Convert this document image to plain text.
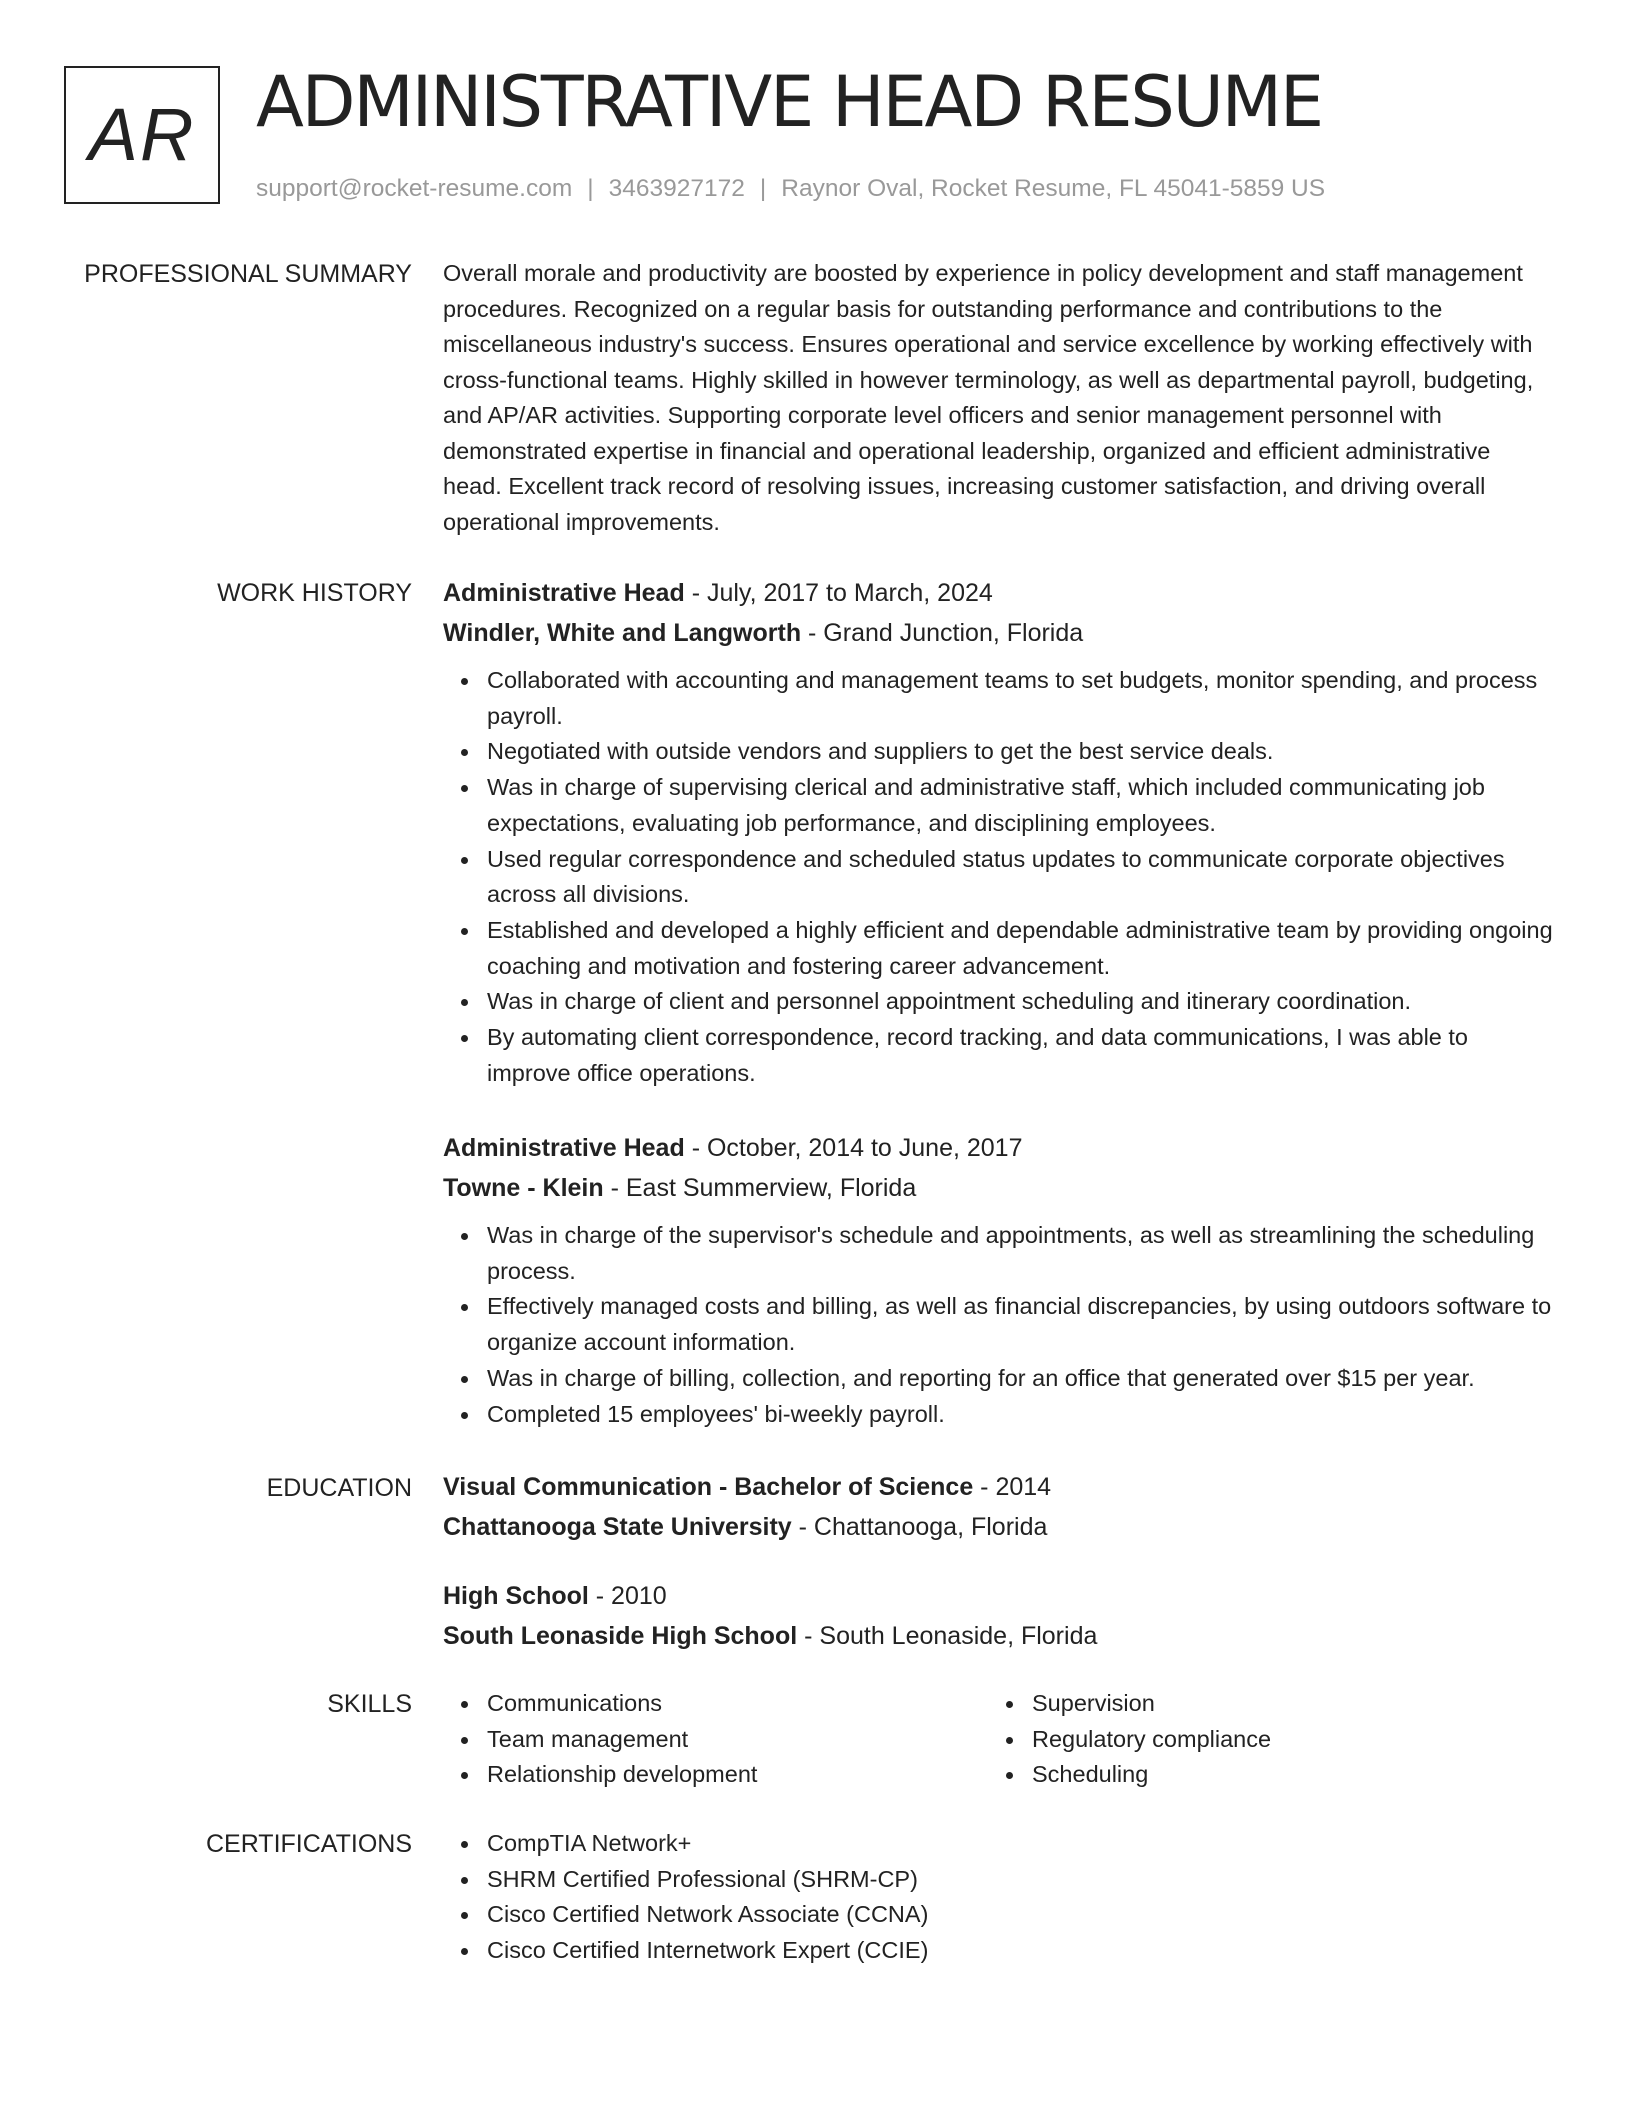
AR ADMINISTRATIVE HEAD RESUME
support@rocket-resume.com | 3463927172 | Raynor Oval, Rocket Resume, FL 45041-5859 US
PROFESSIONAL SUMMARY Overall morale and productivity are boosted by experience in policy development and staff management procedures. Recognized on a regular basis for outstanding performance and contributions to the miscellaneous industry's success. Ensures operational and service excellence by working effectively with cross-functional teams. Highly skilled in however terminology, as well as departmental payroll, budgeting, and AP/AR activities. Supporting corporate level officers and senior management personnel with demonstrated expertise in financial and operational leadership, organized and efficient administrative head. Excellent track record of resolving issues, increasing customer satisfaction, and driving overall operational improvements.

WORK HISTORY Administrative Head - July, 2017 to March, 2024
Windler, White and Langworth - Grand Junction, Florida
Collaborated with accounting and management teams to set budgets, monitor spending, and process payroll.
Negotiated with outside vendors and suppliers to get the best service deals.
Was in charge of supervising clerical and administrative staff, which included communicating job expectations, evaluating job performance, and disciplining employees.
Used regular correspondence and scheduled status updates to communicate corporate objectives across all divisions.
Established and developed a highly efficient and dependable administrative team by providing ongoing coaching and motivation and fostering career advancement.
Was in charge of client and personnel appointment scheduling and itinerary coordination.
By automating client correspondence, record tracking, and data communications, I was able to improve office operations.
Administrative Head - October, 2014 to June, 2017
Towne - Klein - East Summerview, Florida
Was in charge of the supervisor's schedule and appointments, as well as streamlining the scheduling process.
Effectively managed costs and billing, as well as financial discrepancies, by using outdoors software to organize account information.
Was in charge of billing, collection, and reporting for an office that generated over $15 per year.
Completed 15 employees' bi-weekly payroll.
EDUCATION Visual Communication - Bachelor of Science - 2014
Chattanooga State University - Chattanooga, Florida
High School - 2010
South Leonaside High School - South Leonaside, Florida
SKILLS	Communications
Team management
Relationship development
Supervision
Regulatory compliance
Scheduling
CERTIFICATIONS	CompTIA Network+
SHRM Certified Professional (SHRM-CP)
Cisco Certified Network Associate (CCNA)
Cisco Certified Internetwork Expert (CCIE)
